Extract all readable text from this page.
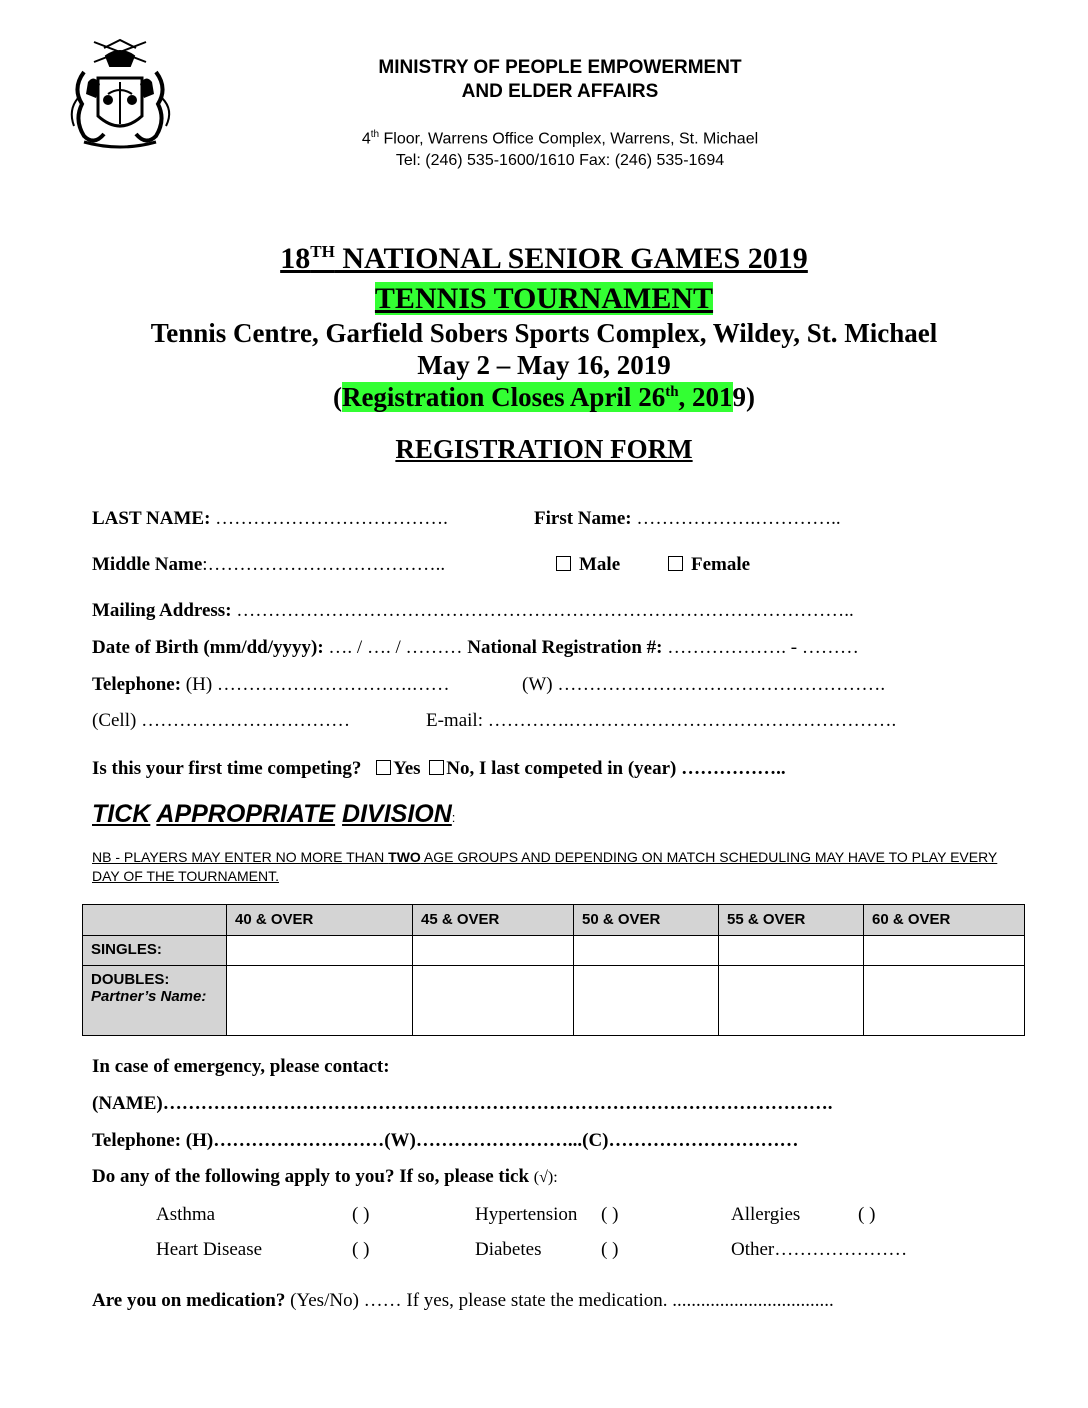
MINISTRY OF PEOPLE EMPOWERMENT
AND ELDER AFFAIRS
4th Floor, Warrens Office Complex, Warrens, St. Michael
Tel: (246) 535-1600/1610 Fax: (246) 535-1694
18TH NATIONAL SENIOR GAMES 2019
TENNIS TOURNAMENT
Tennis Centre, Garfield Sobers Sports Complex, Wildey, St. Michael
May 2 – May 16, 2019
(Registration Closes April 26th, 2019)
REGISTRATION FORM
LAST NAME: ……………………………….	First Name: ……………….…………..
Middle Name:………………………………..	Male	Female
Mailing Address: ……………………………………………………………………………………..
Date of Birth (mm/dd/yyyy): …. / …. / ……… National Registration #: ………………. - ………
Telephone: (H) ………………………….……	(W) …………………………………………….
(Cell) ……………………………	E-mail: ………….…………………………………………….
Is this your first time competing? Yes No, I last competed in (year) ……………..
TICK APPROPRIATE DIVISION:
NB - PLAYERS MAY ENTER NO MORE THAN TWO AGE GROUPS AND DEPENDING ON MATCH SCHEDULING MAY HAVE TO PLAY EVERY DAY OF THE TOURNAMENT.
	40 & OVER	45 & OVER	50 & OVER	55 & OVER	60 & OVER
SINGLES:					

DOUBLES:
Partner’s Name:					

In case of emergency, please contact:
(NAME)…………………………………………………………………………………………….
Telephone: (H)………………………(W)……………………...(C)…………………………
Do any of the following apply to you? If so, please tick (√):
Asthma	( )	Hypertension ( )	Allergies	( )
Heart Disease	( )	Diabetes	( )	Other…………………
Are you on medication? (Yes/No) …… If yes, please state the medication. ..................................
